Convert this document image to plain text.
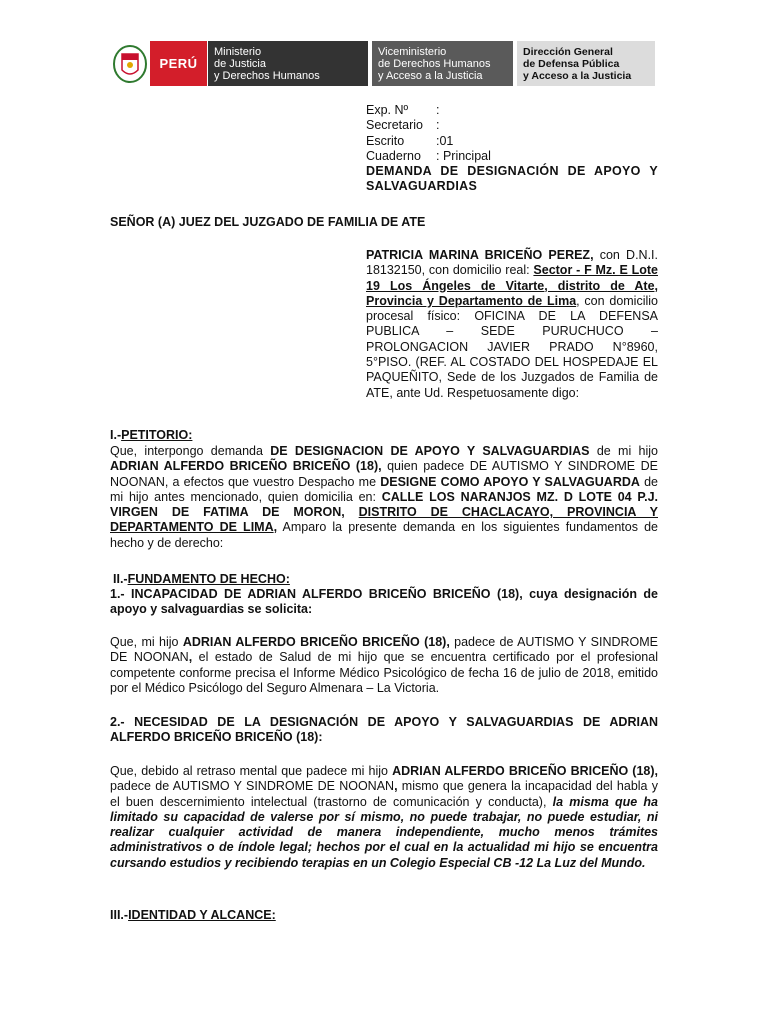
PERÚ
Ministerio
de Justicia
y Derechos Humanos
Viceministerio
de Derechos Humanos
y Acceso a la Justicia
Dirección General
de Defensa Pública
y Acceso a la Justicia
Exp. Nº	:
Secretario	:
Escrito	:01
Cuaderno	: Principal
DEMANDA DE DESIGNACIÓN DE APOYO Y SALVAGUARDIAS
SEÑOR (A) JUEZ DEL JUZGADO DE FAMILIA DE ATE
PATRICIA MARINA BRICEÑO PEREZ, con D.N.I. 18132150, con domicilio real: Sector - F Mz. E Lote 19 Los Ángeles de Vitarte, distrito de Ate, Provincia y Departamento de Lima, con domicilio procesal físico: OFICINA DE LA DEFENSA PUBLICA – SEDE PURUCHUCO – PROLONGACION JAVIER PRADO N°8960, 5°PISO. (REF. AL COSTADO DEL HOSPEDAJE EL PAQUEÑITO, Sede de los Juzgados de Familia de ATE, ante Ud. Respetuosamente digo:
I.-PETITORIO:
Que, interpongo demanda DE DESIGNACION DE APOYO Y SALVAGUARDIAS de mi hijo ADRIAN ALFERDO BRICEÑO BRICEÑO (18), quien padece DE AUTISMO Y SINDROME DE NOONAN, a efectos que vuestro Despacho me DESIGNE COMO APOYO Y SALVAGUARDA de mi hijo antes mencionado, quien domicilia en: CALLE LOS NARANJOS MZ. D LOTE 04 P.J. VIRGEN DE FATIMA DE MORON, DISTRITO DE CHACLACAYO, PROVINCIA Y DEPARTAMENTO DE LIMA, Amparo la presente demanda en los siguientes fundamentos de hecho y de derecho:
II.-FUNDAMENTO DE HECHO:
1.- INCAPACIDAD DE ADRIAN ALFERDO BRICEÑO BRICEÑO (18), cuya designación de apoyo y salvaguardias se solicita:
Que, mi hijo ADRIAN ALFERDO BRICEÑO BRICEÑO (18), padece de AUTISMO Y SINDROME DE NOONAN, el estado de Salud de mi hijo que se encuentra certificado por el profesional competente conforme precisa el Informe Médico Psicológico de fecha 16 de julio de 2018, emitido por el Médico Psicólogo del Seguro Almenara – La Victoria.
2.- NECESIDAD DE LA DESIGNACIÓN DE APOYO Y SALVAGUARDIAS DE ADRIAN ALFERDO BRICEÑO BRICEÑO (18):
Que, debido al retraso mental que padece mi hijo ADRIAN ALFERDO BRICEÑO BRICEÑO (18), padece de AUTISMO Y SINDROME DE NOONAN, mismo que genera la incapacidad del habla y el buen descernimiento intelectual (trastorno de comunicación y conducta), la misma que ha limitado su capacidad de valerse por sí mismo, no puede trabajar, no puede estudiar, ni realizar cualquier actividad de manera independiente, mucho menos trámites administrativos o de índole legal; hechos por el cual en la actualidad mi hijo se encuentra cursando estudios y recibiendo terapias en un Colegio Especial CB -12 La Luz del Mundo.
III.-IDENTIDAD Y ALCANCE:
